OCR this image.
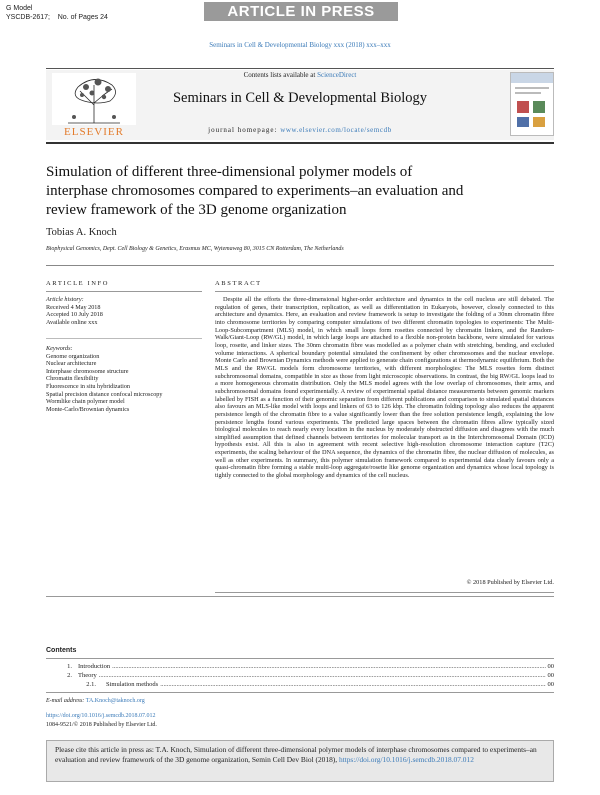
G Model
YSCDB-2617;    No. of Pages 24	ARTICLE IN PRESS
Seminars in Cell & Developmental Biology xxx (2018) xxx–xxx
ELSEVIER
Contents lists available at ScienceDirect
Seminars in Cell & Developmental Biology
journal homepage: www.elsevier.com/locate/semcdb
Simulation of different three-dimensional polymer models of interphase chromosomes compared to experiments–an evaluation and review framework of the 3D genome organization
Tobias A. Knoch
Biophysical Genomics, Dept. Cell Biology & Genetics, Erasmus MC, Wytemaweg 80, 3015 CN Rotterdam, The Netherlands
ARTICLE INFO
Article history:
Received 4 May 2018
Accepted 10 July 2018
Available online xxx
Keywords:
Genome organization
Nuclear architecture
Interphase chromosome structure
Chromatin flexibility
Fluorescence in situ hybridization
Spatial precision distance confocal microscopy
Wormlike chain polymer model
Monte-Carlo/Brownian dynamics
ABSTRACT
Despite all the efforts the three-dimensional higher-order architecture and dynamics in the cell nucleus are still debated. The regulation of genes, their transcription, replication, as well as differentiation in Eukaryots, however, closely connected to this architecture and dynamics. Here, an evaluation and review framework is setup to investigate the folding of a 30nm chromatin fibre into chromosome territories by comparing computer simulations of two different chromatin topologies to experiments: The Multi-Loop-Subcompartment (MLS) model, in which small loops form rosettes connected by chromatin linkers, and the Random-Walk/Giant-Loop (RW/GL) model, in which large loops are attached to a flexible non-protein backbone, were simulated for various loop, rosette, and linker sizes. The 30nm chromatin fibre was modelled as a polymer chain with stretching, bending, and excluded volume interactions. A spherical boundary potential simulated the confinement by other chromosomes and the nuclear envelope. Monte Carlo and Brownian Dynamics methods were applied to generate chain configurations at thermodynamic equilibrium. Both the MLS and the RW/GL models form chromosome territories, with different morphologies: The MLS rosettes form distinct subchromosomal domains, compatible in size as those from light microscopic observations. In contrast, the big RW/GL loops lead to a more homogeneous chromatin distribution. Only the MLS model agrees with the low overlap of chromosomes, their arms, and subchromosomal domains found experimentally. A review of experimental spatial distance measurements between genomic markers labelled by FISH as a function of their genomic separation from different publications and comparison to simulated spatial distances also favours an MLS-like model with loops and linkers of 63 to 126 kbp. The chromatin folding topology also reduces the apparent persistence length of the chromatin fibre to a value significantly lower than the free solution persistence length, explaining the low persistence lengths found various experiments. The predicted large spaces between the chromatin fibres allow typically sized biological molecules to reach nearly every location in the nucleus by moderately obstructed diffusion and disagrees with the much simplified assumption that defined channels between territories for molecular transport as in the Interchromosomal Domain (ICD) hypothesis exist. All this is also in agreement with recent selective high-resolution chromosome interaction capture (T2C) experiments, the scaling behaviour of the DNA sequence, the dynamics of the chromatin fibre, the nuclear diffusion of molecules, as well as other experiments. In summary, this polymer simulation framework compared to experimental data clearly favours only a quasi-chromatin fibre forming a stable multi-loop aggregate/rosette like genome organization and dynamics whose local topology is tightly connected to the global morphology and dynamics of the cell nucleus.
© 2018 Published by Elsevier Ltd.
Contents
1. Introduction .....	00
2. Theory .....	00
2.1. Simulation methods .....	00
E-mail address: TA.Knoch@taknoch.org
https://doi.org/10.1016/j.semcdb.2018.07.012
1084-9521/© 2018 Published by Elsevier Ltd.
Please cite this article in press as: T.A. Knoch, Simulation of different three-dimensional polymer models of interphase chromosomes compared to experiments–an evaluation and review framework of the 3D genome organization, Semin Cell Dev Biol (2018), https://doi.org/10.1016/j.semcdb.2018.07.012
